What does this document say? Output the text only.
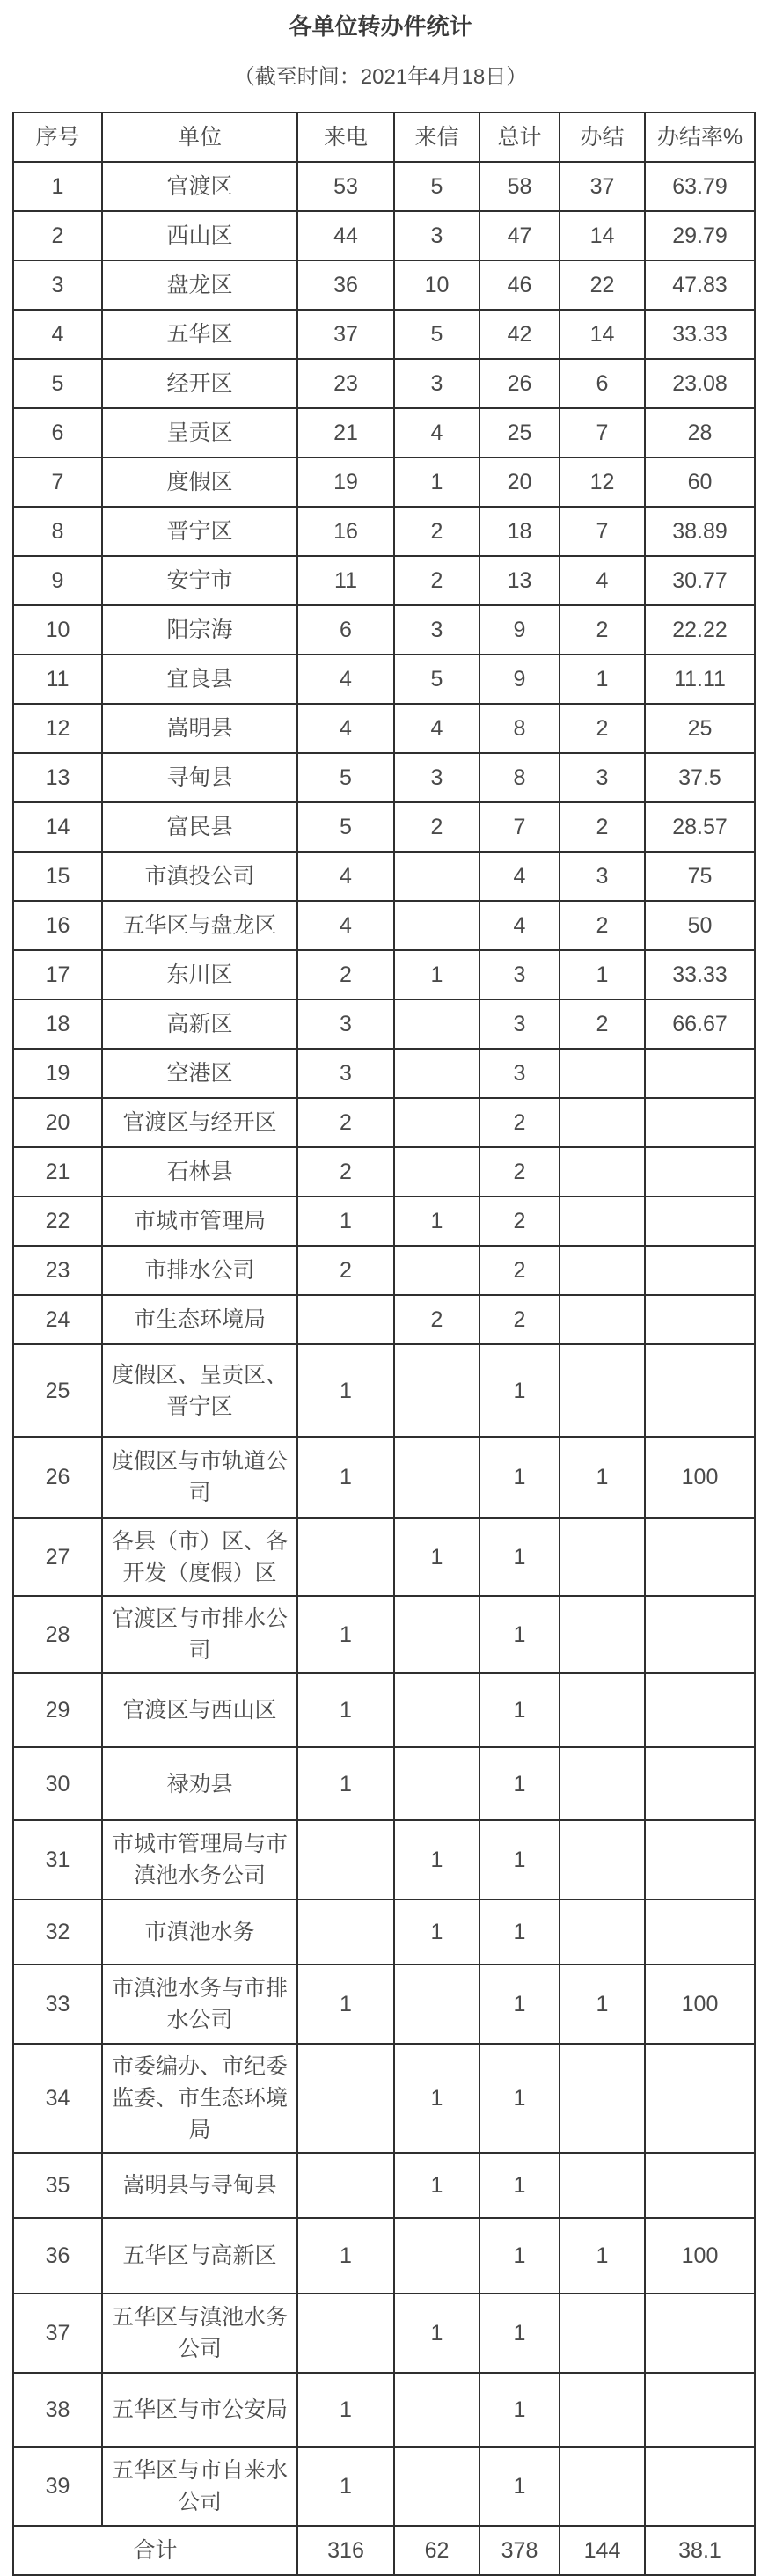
各单位转办件统计
（截至时间：2021年4月18日）
序号	单位	来电	来信	总计	办结	办结率%
1	官渡区	53	5	58	37	63.79
2	西山区	44	3	47	14	29.79
3	盘龙区	36	10	46	22	47.83
4	五华区	37	5	42	14	33.33
5	经开区	23	3	26	6	23.08
6	呈贡区	21	4	25	7	28
7	度假区	19	1	20	12	60
8	晋宁区	16	2	18	7	38.89
9	安宁市	11	2	13	4	30.77
10	阳宗海	6	3	9	2	22.22
11	宜良县	4	5	9	1	11.11
12	嵩明县	4	4	8	2	25
13	寻甸县	5	3	8	3	37.5
14	富民县	5	2	7	2	28.57
15	市滇投公司	4		4	3	75
16	五华区与盘龙区	4		4	2	50
17	东川区	2	1	3	1	33.33
18	高新区	3		3	2	66.67
19	空港区	3		3		
20	官渡区与经开区	2		2		
21	石林县	2		2		
22	市城市管理局	1	1	2		
23	市排水公司	2		2		
24	市生态环境局		2	2		
25	度假区、呈贡区、晋宁区	1		1		
26	度假区与市轨道公司	1		1	1	100
27	各县（市）区、各开发（度假）区		1	1		
28	官渡区与市排水公司	1		1		
29	官渡区与西山区	1		1		
30	禄劝县	1		1		
31	市城市管理局与市滇池水务公司		1	1		
32	市滇池水务		1	1		
33	市滇池水务与市排水公司	1		1	1	100
34	市委编办、市纪委监委、市生态环境局		1	1		
35	嵩明县与寻甸县		1	1		
36	五华区与高新区	1		1	1	100
37	五华区与滇池水务公司		1	1		
38	五华区与市公安局	1		1		
39	五华区与市自来水公司	1		1		
合计		316	62	378	144	38.1
